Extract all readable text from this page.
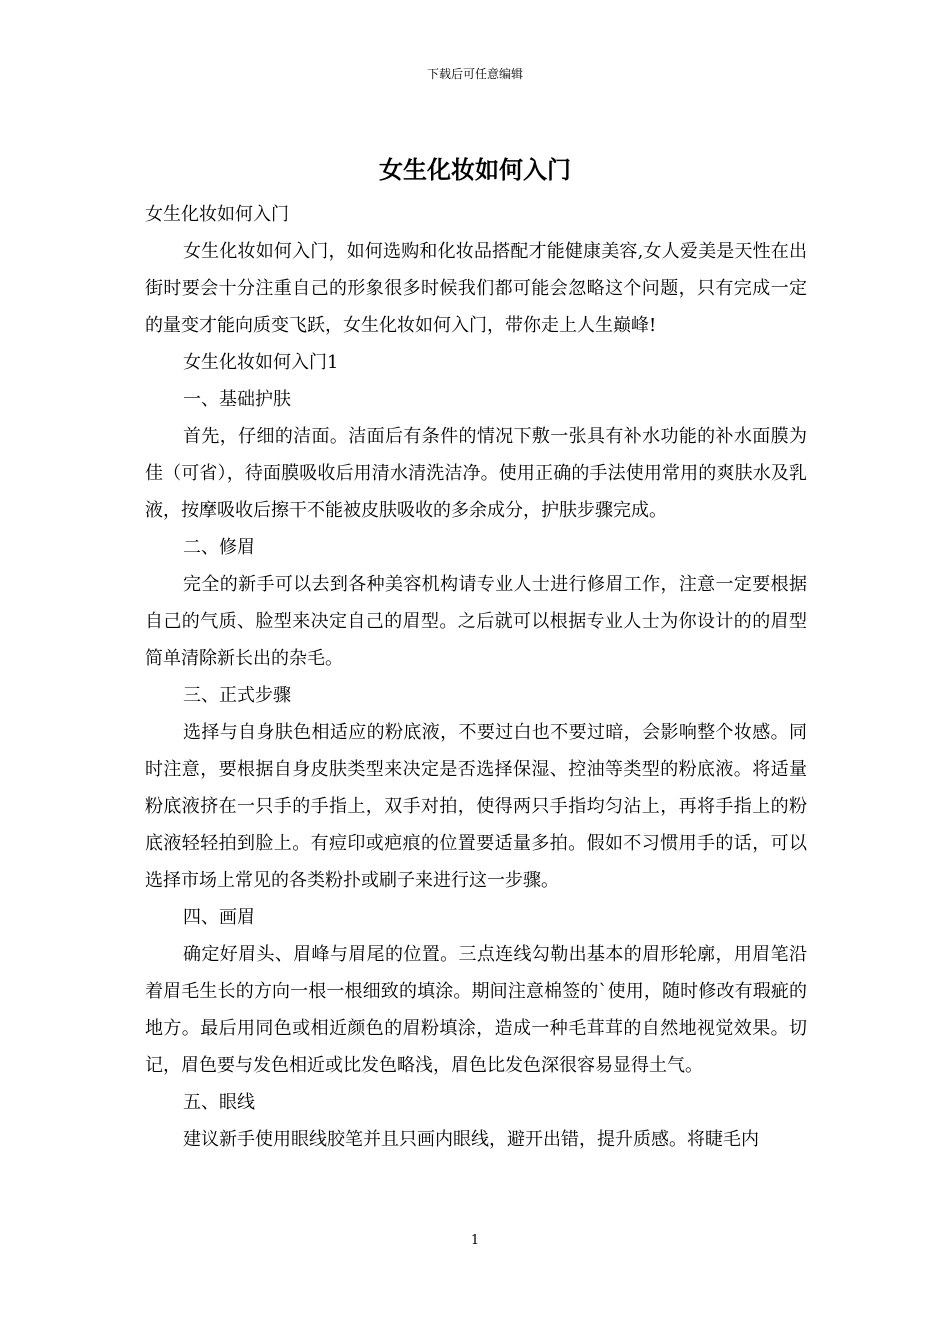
下载后可任意编辑
女生化妆如何入门

女生化妆如何入门

女生化妆如何入门，如何选购和化妆品搭配才能健康美容,女人爱美是天性在出街时要会十分注重自己的形象很多时候我们都可能会忽略这个问题，只有完成一定的量变才能向质变飞跃，女生化妆如何入门，带你走上人生巅峰!

女生化妆如何入门1

一、基础护肤

首先，仔细的洁面。洁面后有条件的情况下敷一张具有补水功能的补水面膜为佳（可省），待面膜吸收后用清水清洗洁净。使用正确的手法使用常用的爽肤水及乳液，按摩吸收后擦干不能被皮肤吸收的多余成分，护肤步骤完成。

二、修眉

完全的新手可以去到各种美容机构请专业人士进行修眉工作，注意一定要根据自己的气质、脸型来决定自己的眉型。之后就可以根据专业人士为你设计的的眉型简单清除新长出的杂毛。

三、正式步骤

选择与自身肤色相适应的粉底液，不要过白也不要过暗，会影响整个妆感。同时注意，要根据自身皮肤类型来决定是否选择保湿、控油等类型的粉底液。将适量粉底液挤在一只手的手指上，双手对拍，使得两只手指均匀沾上，再将手指上的粉底液轻轻拍到脸上。有痘印或疤痕的位置要适量多拍。假如不习惯用手的话，可以选择市场上常见的各类粉扑或刷子来进行这一步骤。

四、画眉

确定好眉头、眉峰与眉尾的位置。三点连线勾勒出基本的眉形轮廓，用眉笔沿着眉毛生长的方向一根一根细致的填涂。期间注意棉签的`使用，随时修改有瑕疵的地方。最后用同色或相近颜色的眉粉填涂，造成一种毛茸茸的自然地视觉效果。切记，眉色要与发色相近或比发色略浅，眉色比发色深很容易显得土气。

五、眼线

建议新手使用眼线胶笔并且只画内眼线，避开出错，提升质感。将睫毛内

1
